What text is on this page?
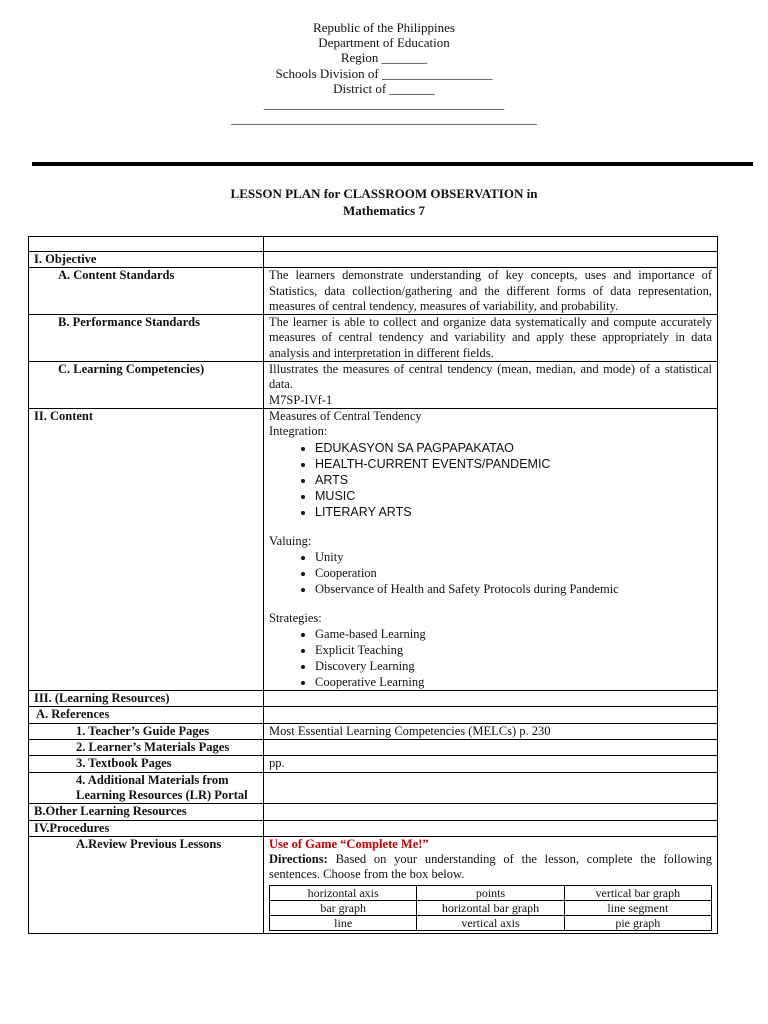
Republic of the Philippines
Department of Education
Region _______
Schools Division of _________________
District of _______
_____________________________________
_______________________________________________
LESSON PLAN for CLASSROOM OBSERVATION in
Mathematics 7

I. Objective	
A. Content Standards	The learners demonstrate understanding of key concepts, uses and importance of Statistics, data collection/gathering and the different forms of data representation, measures of central tendency, measures of variability, and probability.
B. Performance Standards	The learner is able to collect and organize data systematically and compute accurately measures of central tendency and variability and apply these appropriately in data analysis and interpretation in different fields.
C. Learning Competencies)	Illustrates the measures of central tendency (mean, median, and mode) of a statistical data.
M7SP-IVf-1

II. Content	Measures of Central Tendency
Integration:
• EDUKASYON SA PAGPAPAKATAO
• HEALTH-CURRENT EVENTS/PANDEMIC
• ARTS
• MUSIC
• LITERARY ARTS
Valuing:
• Unity
• Cooperation
• Observance of Health and Safety Protocols during Pandemic
Strategies:
• Game-based Learning
• Explicit Teaching
• Discovery Learning
• Cooperative Learning

III. (Learning Resources)	
A. References	
1. Teacher’s Guide Pages	Most Essential Learning Competencies (MELCs) p. 230
2. Learner’s Materials Pages	
3. Textbook Pages	pp.
4. Additional Materials from Learning Resources (LR) Portal	
B.Other Learning Resources	
IV.Procedures	
A.Review Previous Lessons	Use of Game “Complete Me!”
Directions: Based on your understanding of the lesson, complete the following sentences. Choose from the box below.
horizontal axis	points	vertical bar graph
bar graph	horizontal bar graph	line segment
line	vertical axis	pie graph
